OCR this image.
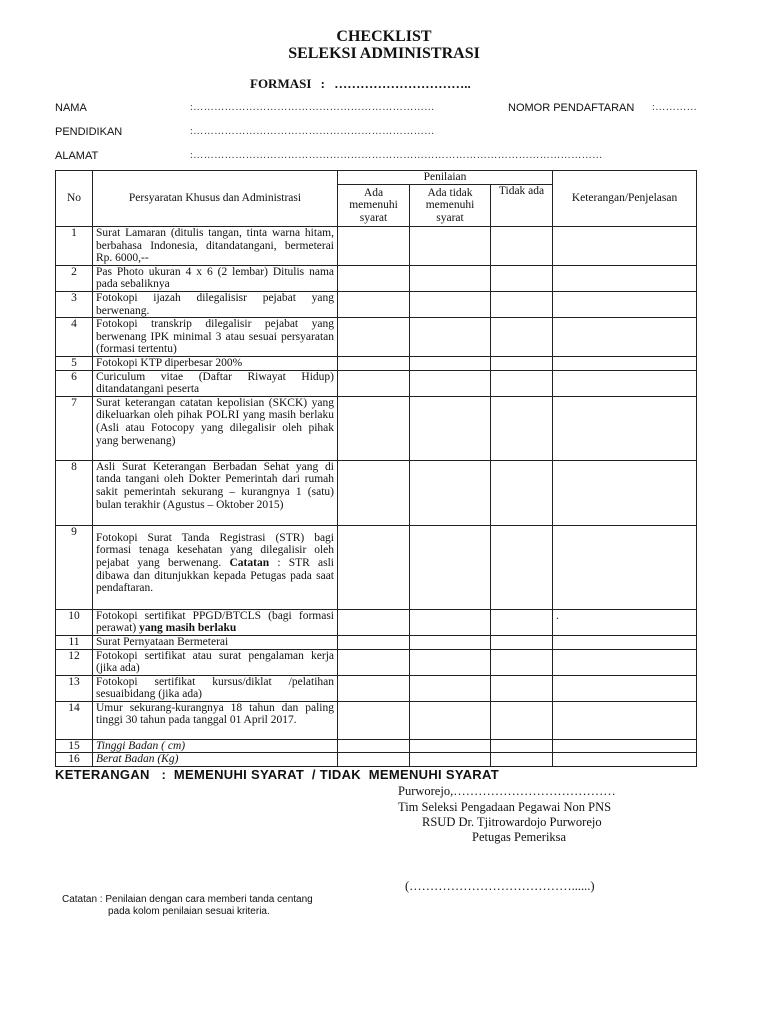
CHECKLIST
SELEKSI ADMINISTRASI
FORMASI : …………………………..
NAMA	:……………………………………………………………	NOMOR PENDAFTARAN :…………
PENDIDIKAN	:……………………………………………………………
ALAMAT	:………………………………………………………………………………………………………
No	Persyaratan Khusus dan Administrasi	Penilaian			Keterangan/Penjelasan
		Ada memenuhi syarat	Ada tidak memenuhi syarat	Tidak ada	
1	Surat Lamaran (ditulis tangan, tinta warna hitam, berbahasa Indonesia, ditandatangani, bermeterai Rp. 6000,--				
2	Pas Photo ukuran 4 x 6 (2 lembar) Ditulis nama pada sebaliknya				
3	Fotokopi ijazah dilegalisisr pejabat yang berwenang.				
4	Fotokopi transkrip dilegalisir pejabat yang berwenang IPK minimal 3 atau sesuai persyaratan (formasi tertentu)				
5	Fotokopi KTP diperbesar 200%				
6	Curiculum vitae (Daftar Riwayat Hidup) ditandatangani peserta				
7	Surat keterangan catatan kepolisian (SKCK) yang dikeluarkan oleh pihak POLRI yang masih berlaku (Asli atau Fotocopy yang dilegalisir oleh pihak yang berwenang)				
8	Asli Surat Keterangan Berbadan Sehat yang di tanda tangani oleh Dokter Pemerintah dari rumah sakit pemerintah sekurang – kurangnya 1 (satu) bulan terakhir (Agustus – Oktober 2015)				
9	Fotokopi Surat Tanda Registrasi (STR) bagi formasi tenaga kesehatan yang dilegalisir oleh pejabat yang berwenang. Catatan : STR asli dibawa dan ditunjukkan kepada Petugas pada saat pendaftaran.				
10	Fotokopi sertifikat PPGD/BTCLS (bagi formasi perawat) yang masih berlaku				.
11	Surat Pernyataan Bermeterai				
12	Fotokopi sertifikat atau surat pengalaman kerja (jika ada)				
13	Fotokopi sertifikat kursus/diklat /pelatihan sesuaibidang (jika ada)				
14	Umur sekurang-kurangnya 18 tahun dan paling tinggi 30 tahun pada tanggal 01 April 2017.				
15	Tinggi Badan ( cm)				
16	Berat Badan (Kg)				
KETERANGAN   :  MEMENUHI SYARAT  / TIDAK  MEMENUHI SYARAT
Purworejo,…………………………………
Tim Seleksi Pengadaan Pegawai Non PNS
RSUD Dr. Tjitrowardojo Purworejo
Petugas Pemeriksa
(…………………………………......)
Catatan : Penilaian dengan cara memberi tanda centang
pada kolom penilaian sesuai kriteria.
